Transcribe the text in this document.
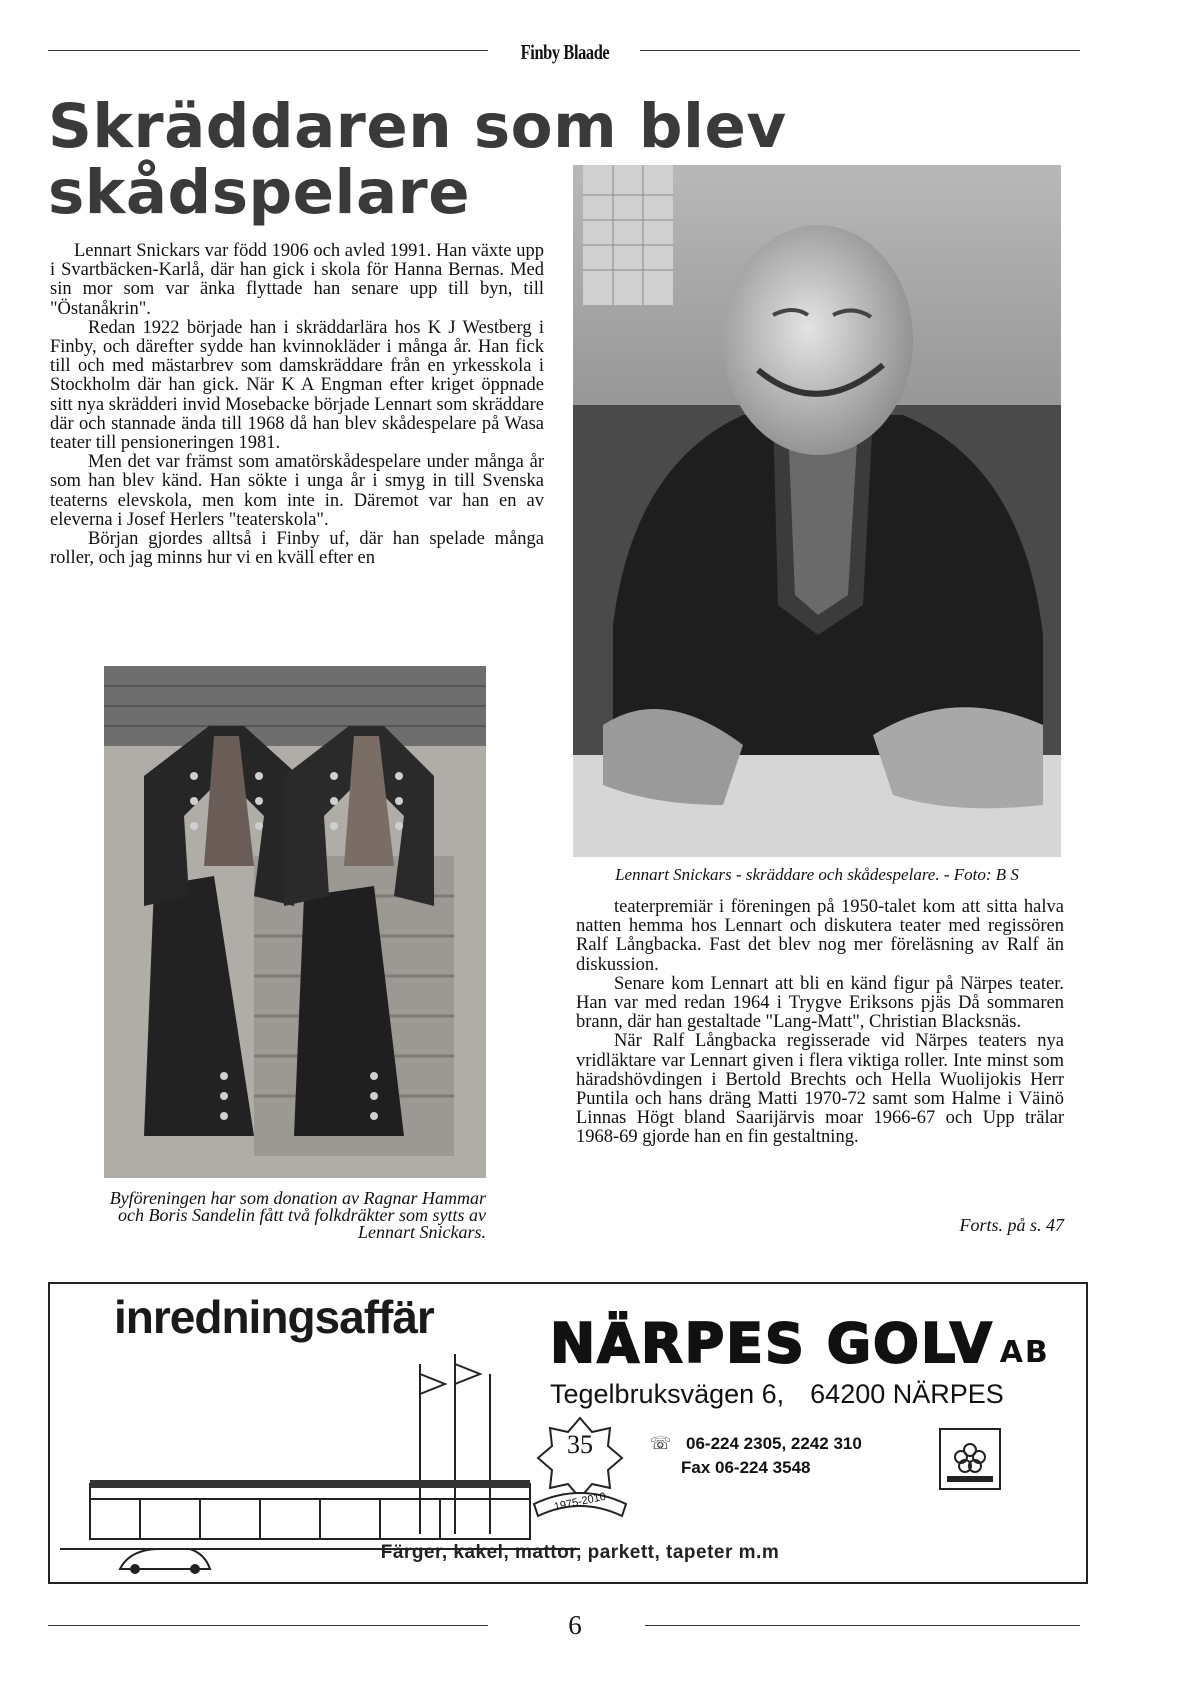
Finby Blaade
Skräddaren som blev
skådspelare

Lennart Snickars var född 1906 och avled 1991. Han växte upp i Svartbäcken-Karlå, där han gick i skola för Hanna Bernas. Med sin mor som var änka flyttade han senare upp till byn, till "Östanåkrin".

Redan 1922 började han i skräddarlära hos K J Westberg i Finby, och därefter sydde han kvinnokläder i många år. Han fick till och med mästarbrev som damskräddare från en yrkesskola i Stockholm där han gick. När K A Engman efter kriget öppnade sitt nya skrädderi invid Mosebacke började Lennart som skräddare där och stannade ända till 1968 då han blev skådespelare på Wasa teater till pensioneringen 1981.

Men det var främst som amatörskådespelare under många år som han blev känd. Han sökte i unga år i smyg in till Svenska teaterns elevskola, men kom inte in. Däremot var han en av eleverna i Josef Herlers "teaterskola".

Början gjordes alltså i Finby uf, där han spelade många roller, och jag minns hur vi en kväll efter en

Lennart Snickars - skräddare och skådespelare. - Foto: B S
Byföreningen har som donation av Ragnar Hammar och Boris Sandelin fått två folkdräkter som sytts av Lennart Snickars.

teaterpremiär i föreningen på 1950-talet kom att sitta halva natten hemma hos Lennart och diskutera teater med regissören Ralf Långbacka. Fast det blev nog mer föreläsning av Ralf än diskussion.

Senare kom Lennart att bli en känd figur på Närpes teater. Han var med redan 1964 i Trygve Eriksons pjäs Då sommaren brann, där han gestaltade "Lang-Matt", Christian Blacksnäs.

När Ralf Långbacka regisserade vid Närpes teaters nya vridläktare var Lennart given i flera viktiga roller. Inte minst som häradshövdingen i Bertold Brechts och Hella Wuolijokis Herr Puntila och hans dräng Matti 1970-72 samt som Halme i Väinö Linnas Högt bland Saarijärvis moar 1966-67 och Upp trälar 1968-69 gjorde han en fin gestaltning.

Forts. på s. 47
inredningsaffär NÄRPES GOLV AB
Tegelbruksvägen 6, 64200 NÄRPES
35
1975-2010
☏ 06-224 2305, 2242 310
Fax 06-224 3548
Färger, kakel, mattor, parkett, tapeter m.m
6
